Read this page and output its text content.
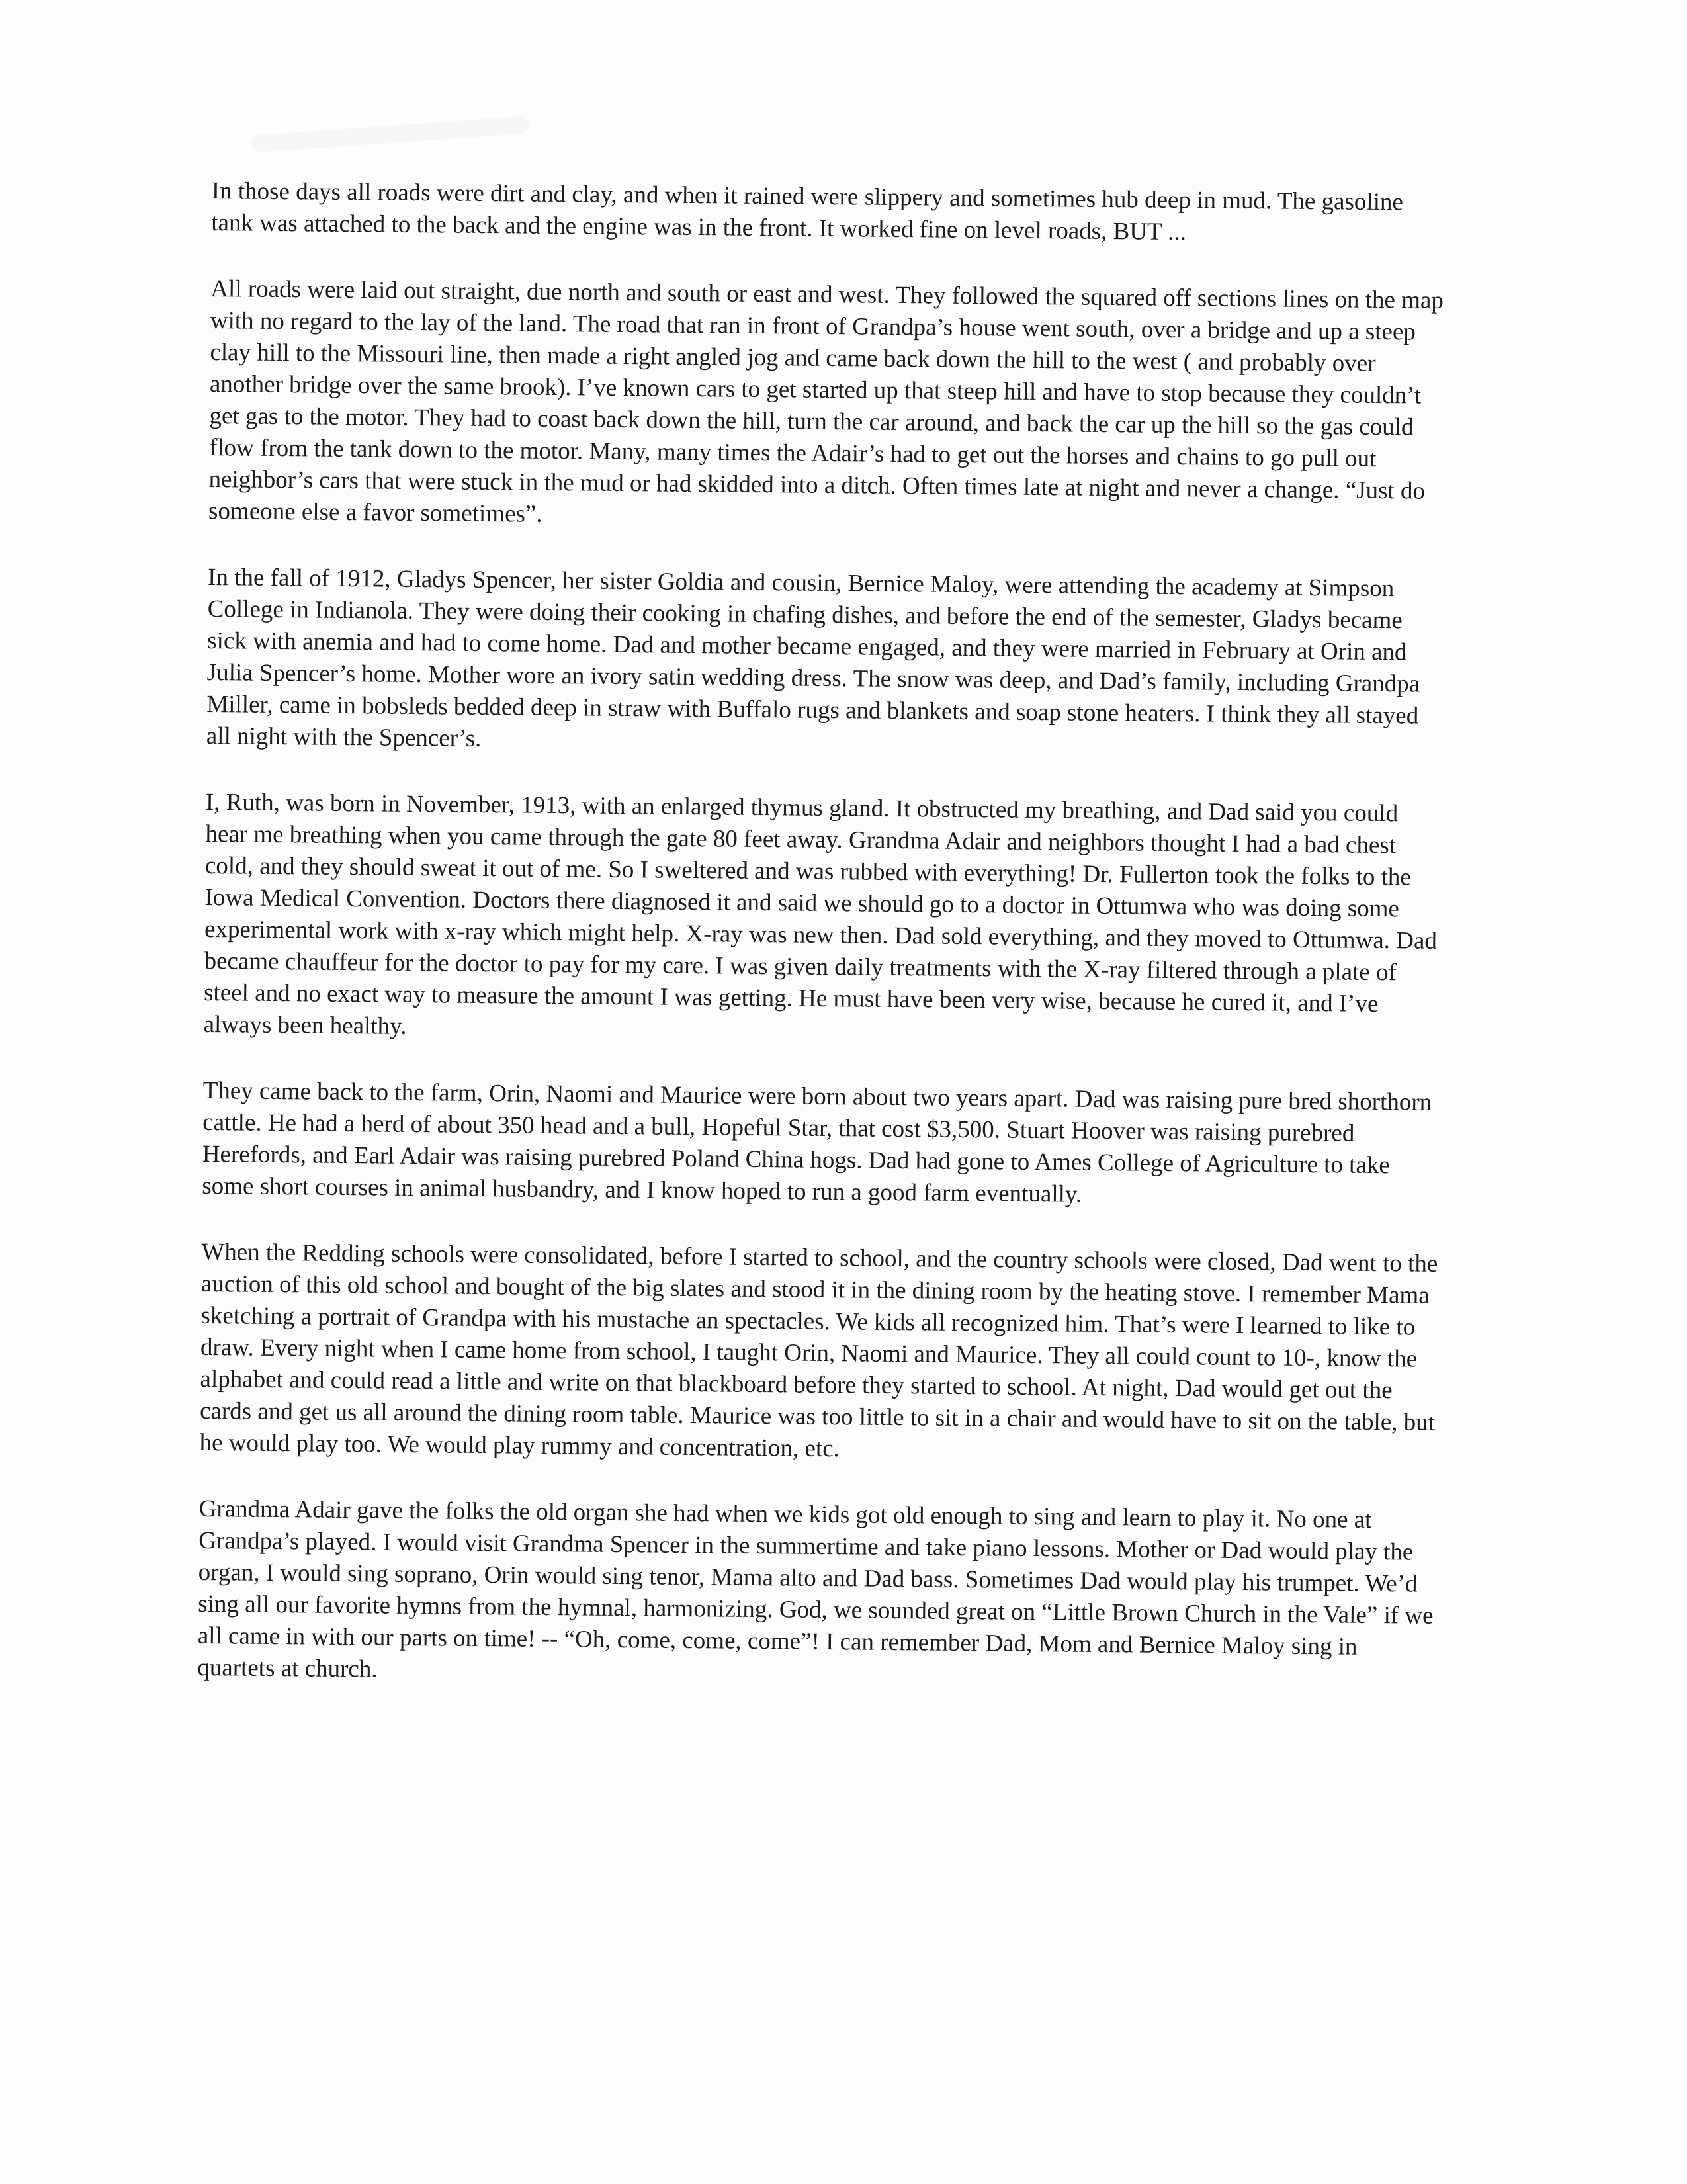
In those days all roads were dirt and clay, and when it rained were slippery and sometimes hub deep in mud. The gasoline tank was attached to the back and the engine was in the front. It worked fine on level roads, BUT ...

All roads were laid out straight, due north and south or east and west. They followed the squared off sections lines on the map with no regard to the lay of the land. The road that ran in front of Grandpa’s house went south, over a bridge and up a steep clay hill to the Missouri line, then made a right angled jog and came back down the hill to the west ( and probably over another bridge over the same brook). I’ve known cars to get started up that steep hill and have to stop because they couldn’t get gas to the motor. They had to coast back down the hill, turn the car around, and back the car up the hill so the gas could flow from the tank down to the motor. Many, many times the Adair’s had to get out the horses and chains to go pull out neighbor’s cars that were stuck in the mud or had skidded into a ditch. Often times late at night and never a change. “Just do someone else a favor sometimes”.

In the fall of 1912, Gladys Spencer, her sister Goldia and cousin, Bernice Maloy, were attending the academy at Simpson College in Indianola. They were doing their cooking in chafing dishes, and before the end of the semester, Gladys became sick with anemia and had to come home. Dad and mother became engaged, and they were married in February at Orin and Julia Spencer’s home. Mother wore an ivory satin wedding dress. The snow was deep, and Dad’s family, including Grandpa Miller, came in bobsleds bedded deep in straw with Buffalo rugs and blankets and soap stone heaters. I think they all stayed all night with the Spencer’s.

I, Ruth, was born in November, 1913, with an enlarged thymus gland. It obstructed my breathing, and Dad said you could hear me breathing when you came through the gate 80 feet away. Grandma Adair and neighbors thought I had a bad chest cold, and they should sweat it out of me. So I sweltered and was rubbed with everything! Dr. Fullerton took the folks to the Iowa Medical Convention. Doctors there diagnosed it and said we should go to a doctor in Ottumwa who was doing some experimental work with x-ray which might help. X-ray was new then. Dad sold everything, and they moved to Ottumwa. Dad became chauffeur for the doctor to pay for my care. I was given daily treatments with the X-ray filtered through a plate of steel and no exact way to measure the amount I was getting. He must have been very wise, because he cured it, and I’ve always been healthy.

They came back to the farm, Orin, Naomi and Maurice were born about two years apart. Dad was raising pure bred shorthorn cattle. He had a herd of about 350 head and a bull, Hopeful Star, that cost $3,500. Stuart Hoover was raising purebred Herefords, and Earl Adair was raising purebred Poland China hogs. Dad had gone to Ames College of Agriculture to take some short courses in animal husbandry, and I know hoped to run a good farm eventually.

When the Redding schools were consolidated, before I started to school, and the country schools were closed, Dad went to the auction of this old school and bought of the big slates and stood it in the dining room by the heating stove. I remember Mama sketching a portrait of Grandpa with his mustache an spectacles. We kids all recognized him. That’s were I learned to like to draw. Every night when I came home from school, I taught Orin, Naomi and Maurice. They all could count to 10-, know the alphabet and could read a little and write on that blackboard before they started to school. At night, Dad would get out the cards and get us all around the dining room table. Maurice was too little to sit in a chair and would have to sit on the table, but he would play too. We would play rummy and concentration, etc.

Grandma Adair gave the folks the old organ she had when we kids got old enough to sing and learn to play it. No one at Grandpa’s played. I would visit Grandma Spencer in the summertime and take piano lessons. Mother or Dad would play the organ, I would sing soprano, Orin would sing tenor, Mama alto and Dad bass. Sometimes Dad would play his trumpet. We’d sing all our favorite hymns from the hymnal, harmonizing. God, we sounded great on “Little Brown Church in the Vale” if we all came in with our parts on time! -- “Oh, come, come, come”! I can remember Dad, Mom and Bernice Maloy sing in quartets at church.
